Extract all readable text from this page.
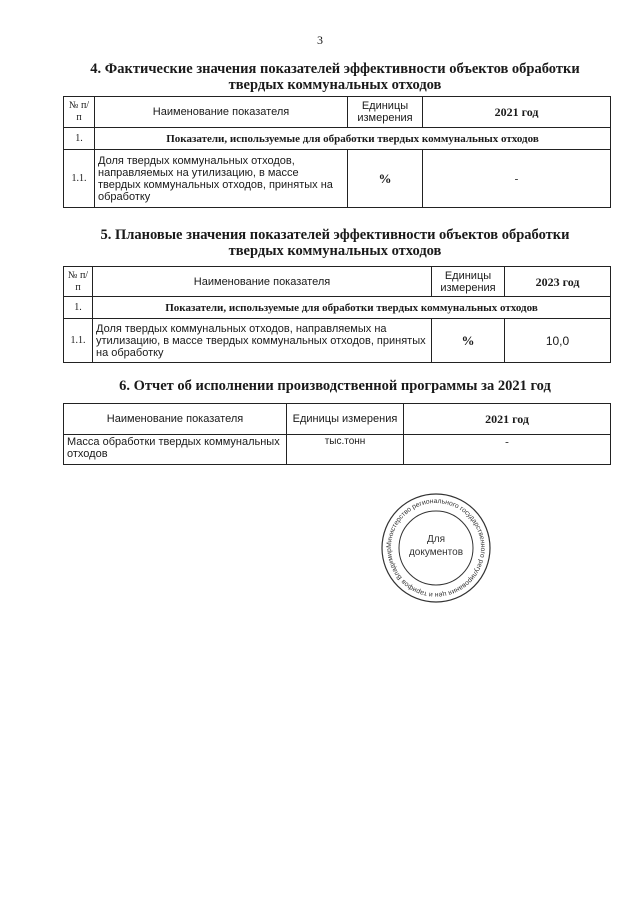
3
4. Фактические значения показателей эффективности объектов обработки
твердых коммунальных отходов
№ п/п	Наименование показателя	Единицы измерения	2021 год
1.	Показатели, используемые для обработки твердых коммунальных отходов		
1.1.	Доля твердых коммунальных отходов, направляемых на утилизацию, в массе твердых коммунальных отходов, принятых на обработку	%	-
5. Плановые значения показателей эффективности объектов обработки
твердых коммунальных отходов
№ п/п	Наименование показателя	Единицы измерения	2023 год
1.	Показатели, используемые для обработки твердых коммунальных отходов		
1.1.	Доля твердых коммунальных отходов, направляемых на утилизацию, в массе твердых коммунальных отходов, принятых на обработку	%	10,0
6. Отчет об исполнении производственной программы за 2021 год
Наименование показателя	Единицы измерения	2021 год
Масса обработки твердых коммунальных отходов	тыс.тонн	-
Министерство регионального государственного регулирования цен и тарифов Владимир
Для
документов
